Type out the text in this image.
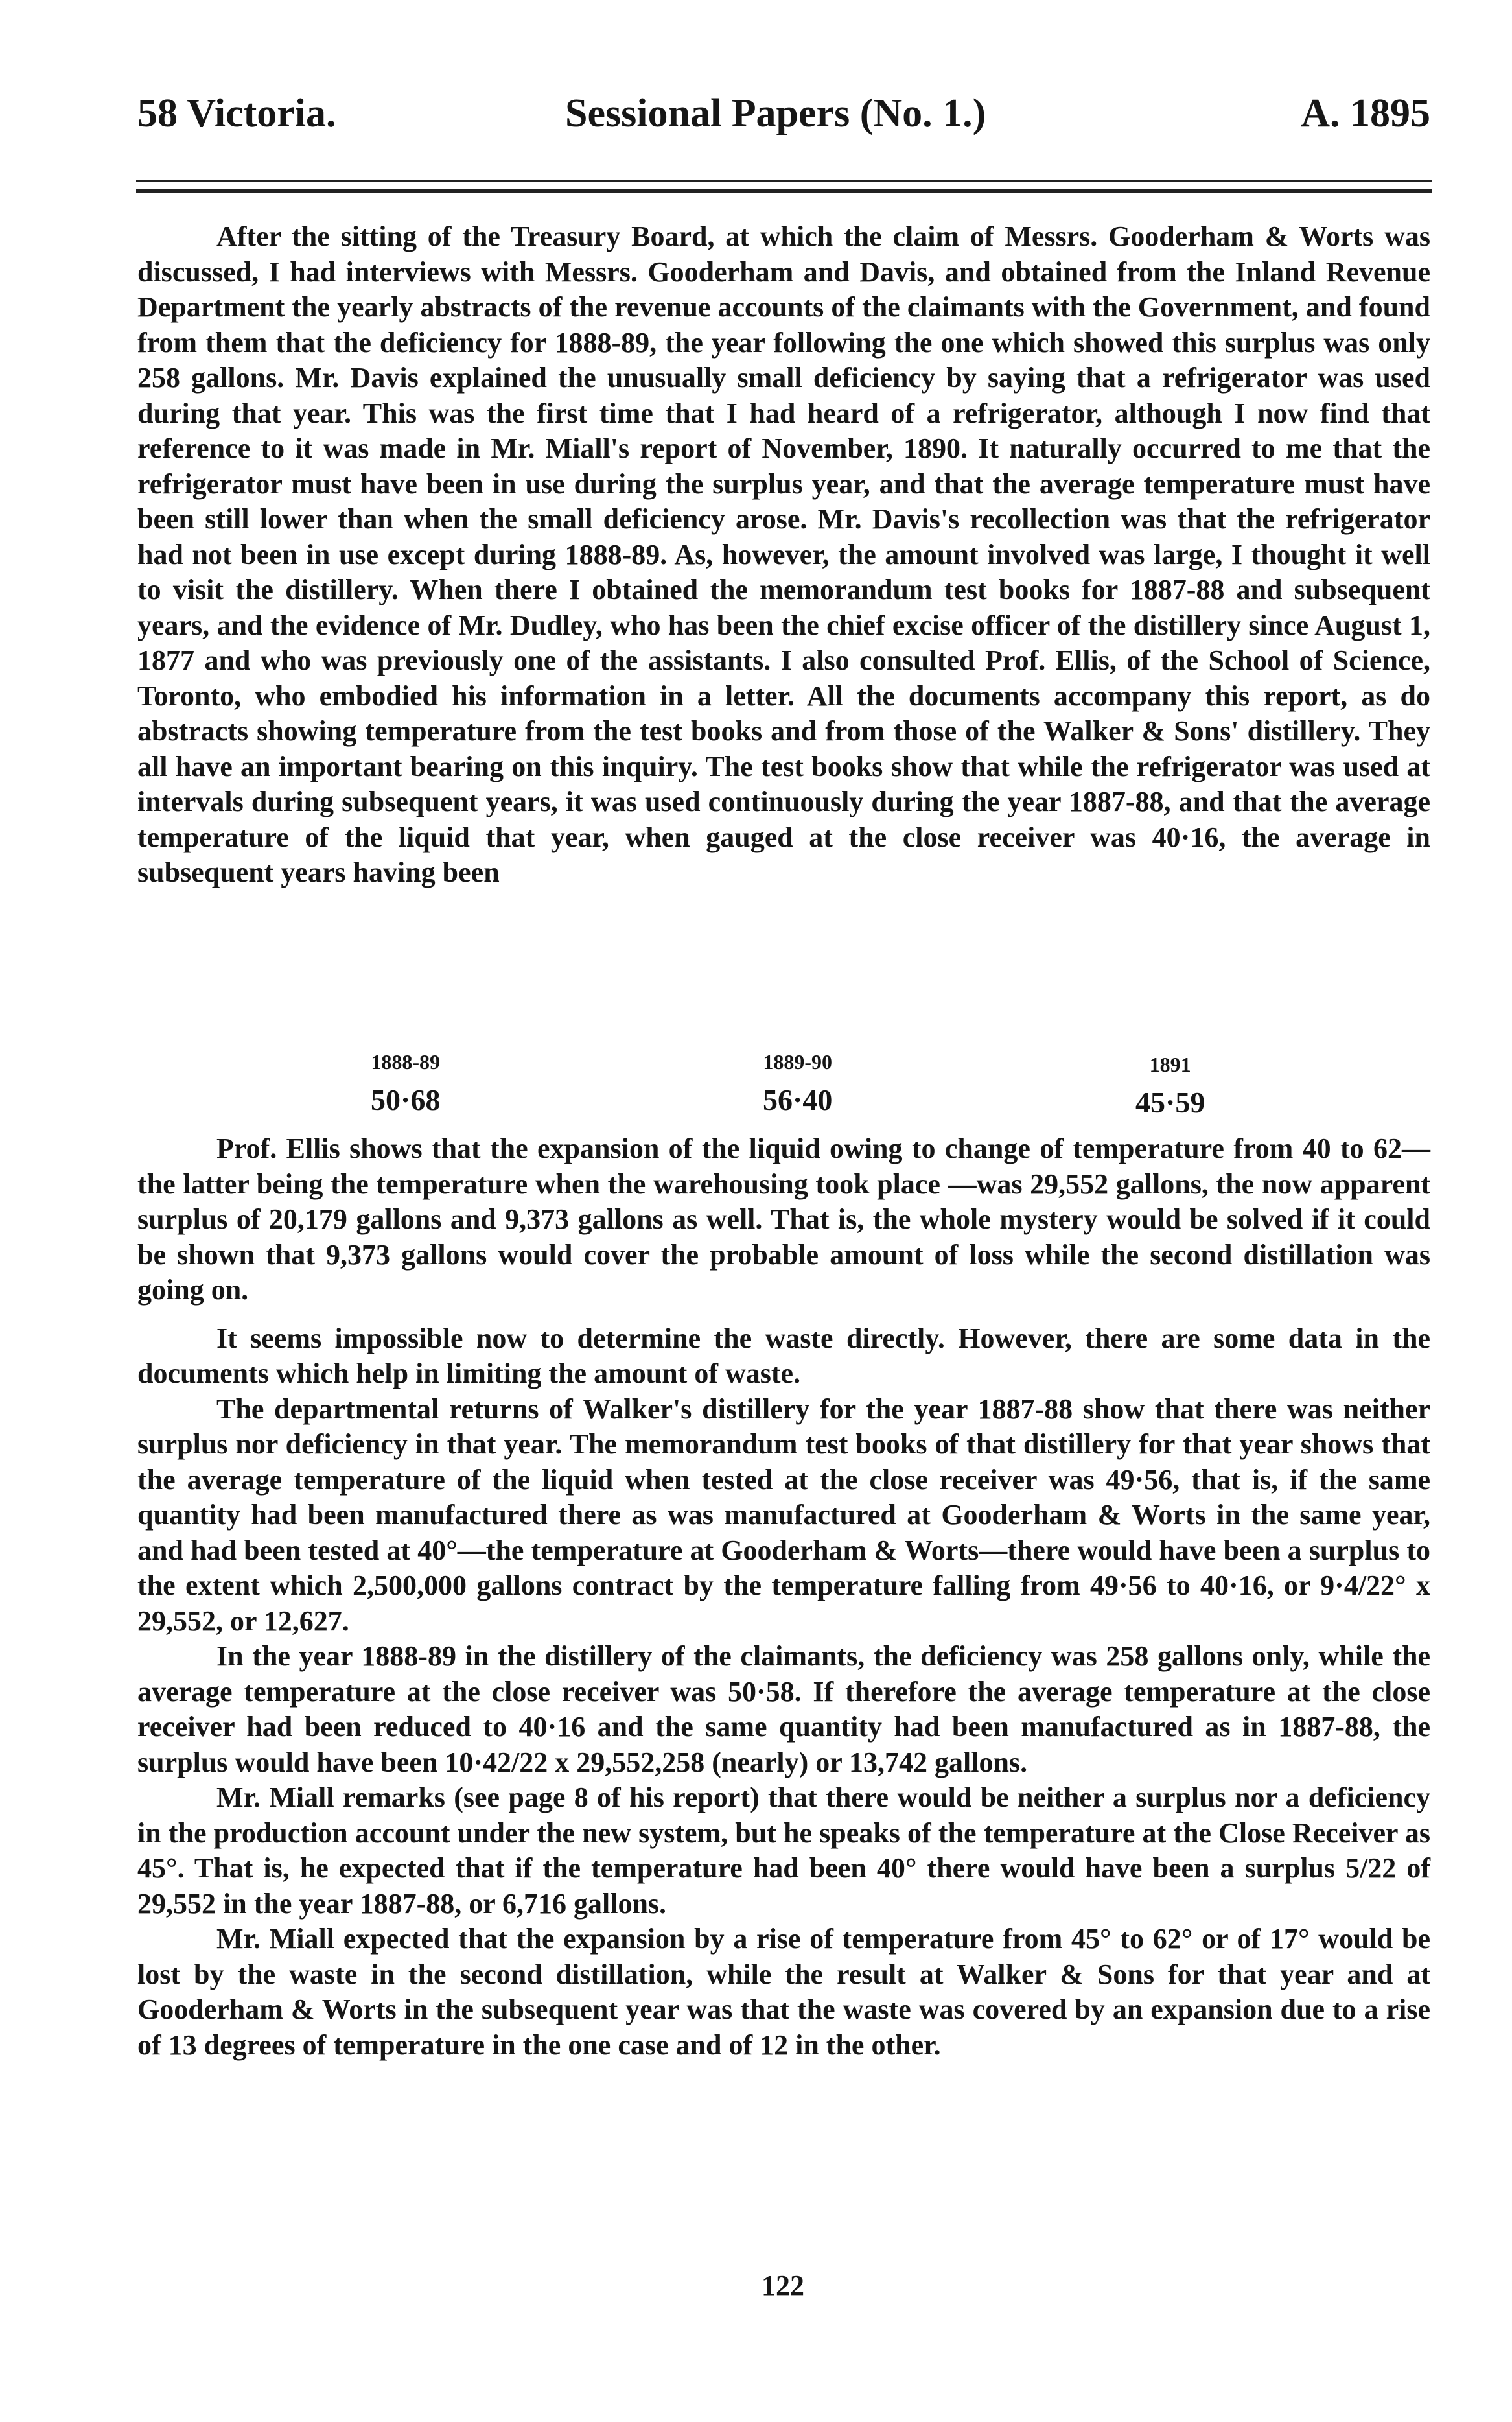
58 Victoria.	Sessional Papers (No. 1.)	A. 1895

After the sitting of the Treasury Board, at which the claim of Messrs. Gooderham & Worts was discussed, I had interviews with Messrs. Gooderham and Davis, and obtained from the Inland Revenue Department the yearly abstracts of the revenue accounts of the claimants with the Government, and found from them that the deficiency for 1888-89, the year following the one which showed this surplus was only 258 gallons. Mr. Davis explained the unusually small deficiency by saying that a refrigerator was used during that year. This was the first time that I had heard of a refrigerator, although I now find that reference to it was made in Mr. Miall's report of November, 1890. It naturally occurred to me that the refrigerator must have been in use during the surplus year, and that the average temperature must have been still lower than when the small deficiency arose. Mr. Davis's recollection was that the refrigerator had not been in use except during 1888-89. As, however, the amount involved was large, I thought it well to visit the distillery. When there I obtained the memorandum test books for 1887-88 and subsequent years, and the evidence of Mr. Dudley, who has been the chief excise officer of the distillery since August 1, 1877 and who was previously one of the assistants. I also consulted Prof. Ellis, of the School of Science, Toronto, who embodied his information in a letter. All the documents accompany this report, as do abstracts showing temperature from the test books and from those of the Walker & Sons' distillery. They all have an important bearing on this inquiry. The test books show that while the refrigerator was used at intervals during subsequent years, it was used continuously during the year 1887-88, and that the average temperature of the liquid that year, when gauged at the close receiver was 40·16, the average in subsequent years having been

1888-89
50·68
1889-90
56·40
1891
45·59

Prof. Ellis shows that the expansion of the liquid owing to change of temperature from 40 to 62—the latter being the temperature when the warehousing took place —was 29,552 gallons, the now apparent surplus of 20,179 gallons and 9,373 gallons as well. That is, the whole mystery would be solved if it could be shown that 9,373 gallons would cover the probable amount of loss while the second distillation was going on.

It seems impossible now to determine the waste directly. However, there are some data in the documents which help in limiting the amount of waste.

The departmental returns of Walker's distillery for the year 1887-88 show that there was neither surplus nor deficiency in that year. The memorandum test books of that distillery for that year shows that the average temperature of the liquid when tested at the close receiver was 49·56, that is, if the same quantity had been manufactured there as was manufactured at Gooderham & Worts in the same year, and had been tested at 40°—the temperature at Gooderham & Worts—there would have been a surplus to the extent which 2,500,000 gallons contract by the temperature falling from 49·56 to 40·16, or 9·4/22° x 29,552, or 12,627.

In the year 1888-89 in the distillery of the claimants, the deficiency was 258 gallons only, while the average temperature at the close receiver was 50·58. If therefore the average temperature at the close receiver had been reduced to 40·16 and the same quantity had been manufactured as in 1887-88, the surplus would have been 10·42/22 x 29,552,258 (nearly) or 13,742 gallons.

Mr. Miall remarks (see page 8 of his report) that there would be neither a surplus nor a deficiency in the production account under the new system, but he speaks of the temperature at the Close Receiver as 45°. That is, he expected that if the temperature had been 40° there would have been a surplus 5/22 of 29,552 in the year 1887-88, or 6,716 gallons.

Mr. Miall expected that the expansion by a rise of temperature from 45° to 62° or of 17° would be lost by the waste in the second distillation, while the result at Walker & Sons for that year and at Gooderham & Worts in the subsequent year was that the waste was covered by an expansion due to a rise of 13 degrees of temperature in the one case and of 12 in the other.

122
